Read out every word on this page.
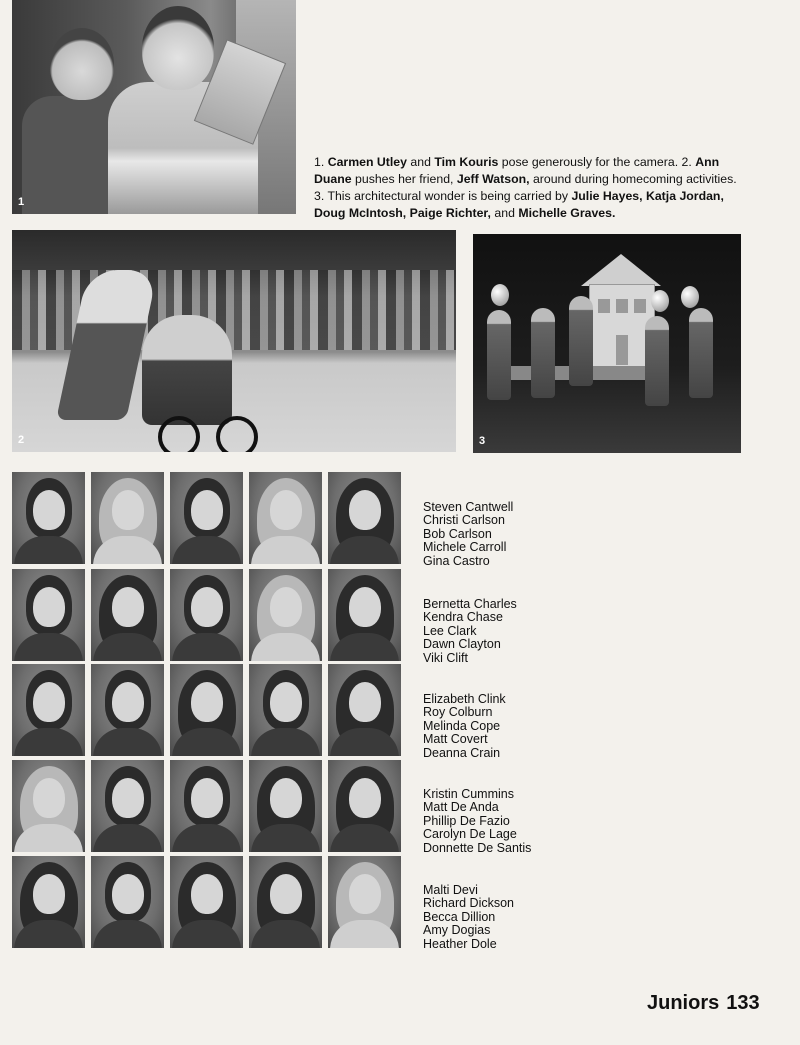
1
2	3
1. Carmen Utley and Tim Kouris pose generously for the camera. 2. Ann Duane pushes her friend, Jeff Watson, around during homecoming activities. 3. This architectural wonder is being carried by Julie Hayes, Katja Jordan, Doug McIntosh, Paige Richter, and Michelle Graves.
Steven Cantwell
Christi Carlson
Bob Carlson
Michele Carroll
Gina Castro
Bernetta Charles
Kendra Chase
Lee Clark
Dawn Clayton
Viki Clift
Elizabeth Clink
Roy Colburn
Melinda Cope
Matt Covert
Deanna Crain
Kristin Cummins
Matt De Anda
Phillip De Fazio
Carolyn De Lage
Donnette De Santis
Malti Devi
Richard Dickson
Becca Dillion
Amy Dogias
Heather Dole
Juniors 133
